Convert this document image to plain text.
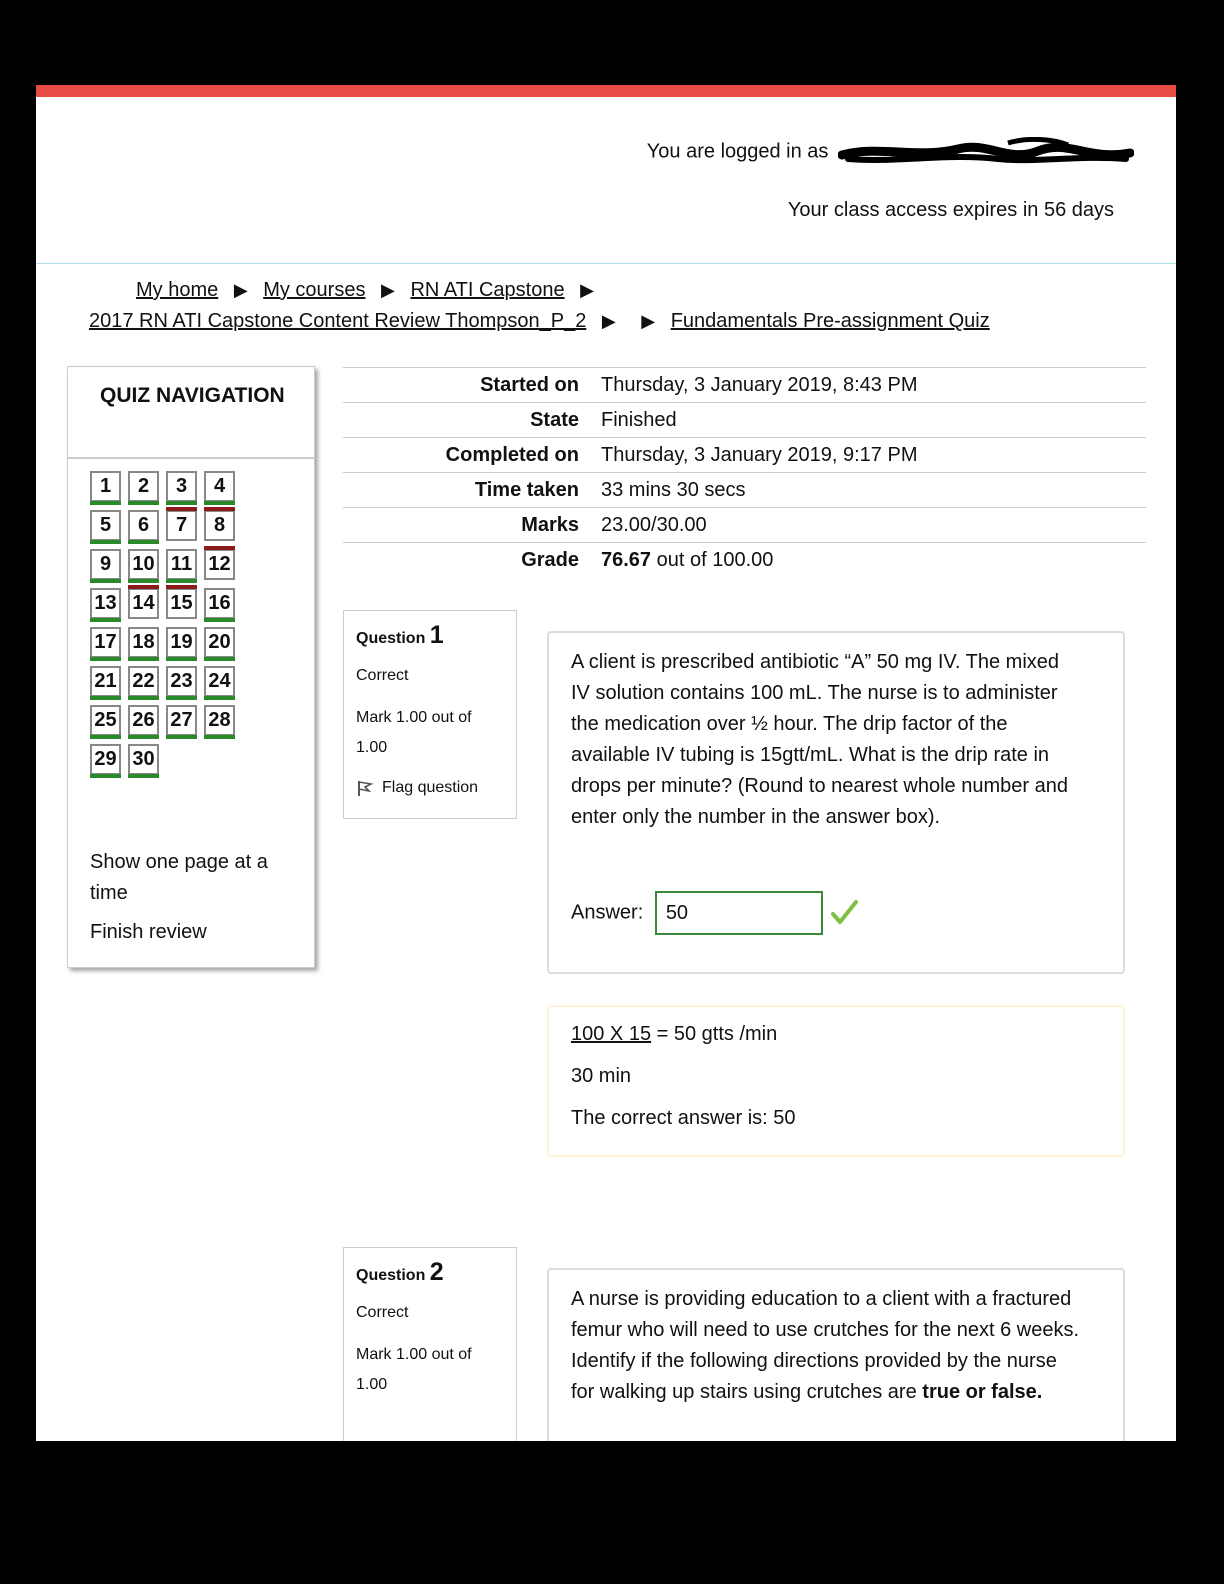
You are logged in as
Your class access expires in 56 days
My home ▶ My courses ▶ RN ATI Capstone ▶
2017 RN ATI Capstone Content Review Thompson_P_2 ▶ ▶ Fundamentals Pre-assignment Quiz
QUIZ NAVIGATION
1	2	3	4
5	6	7	8
9	10 11 12
13 14 15 16
17 18 19 20
21 22 23 24
25 26 27 28
29 30
Show one page at a time
Finish review
Started on Thursday, 3 January 2019, 8:43 PM
State Finished
Completed on Thursday, 3 January 2019, 9:17 PM
Time taken 33 mins 30 secs
Marks 23.00/30.00
Grade 76.67 out of 100.00
Question 1
Correct
Mark 1.00 out of 1.00
Flag question
A client is prescribed antibiotic “A” 50 mg IV. The mixed IV solution contains 100 mL. The nurse is to administer the medication over ½ hour. The drip factor of the available IV tubing is 15gtt/mL. What is the drip rate in drops per minute? (Round to nearest whole number and enter only the number in the answer box).
Answer: 50
100 X 15 = 50 gtts /min
30 min
The correct answer is: 50
Question 2
Correct
Mark 1.00 out of 1.00
A nurse is providing education to a client with a fractured femur who will need to use crutches for the next 6 weeks. Identify if the following directions provided by the nurse for walking up stairs using crutches are true or false.
